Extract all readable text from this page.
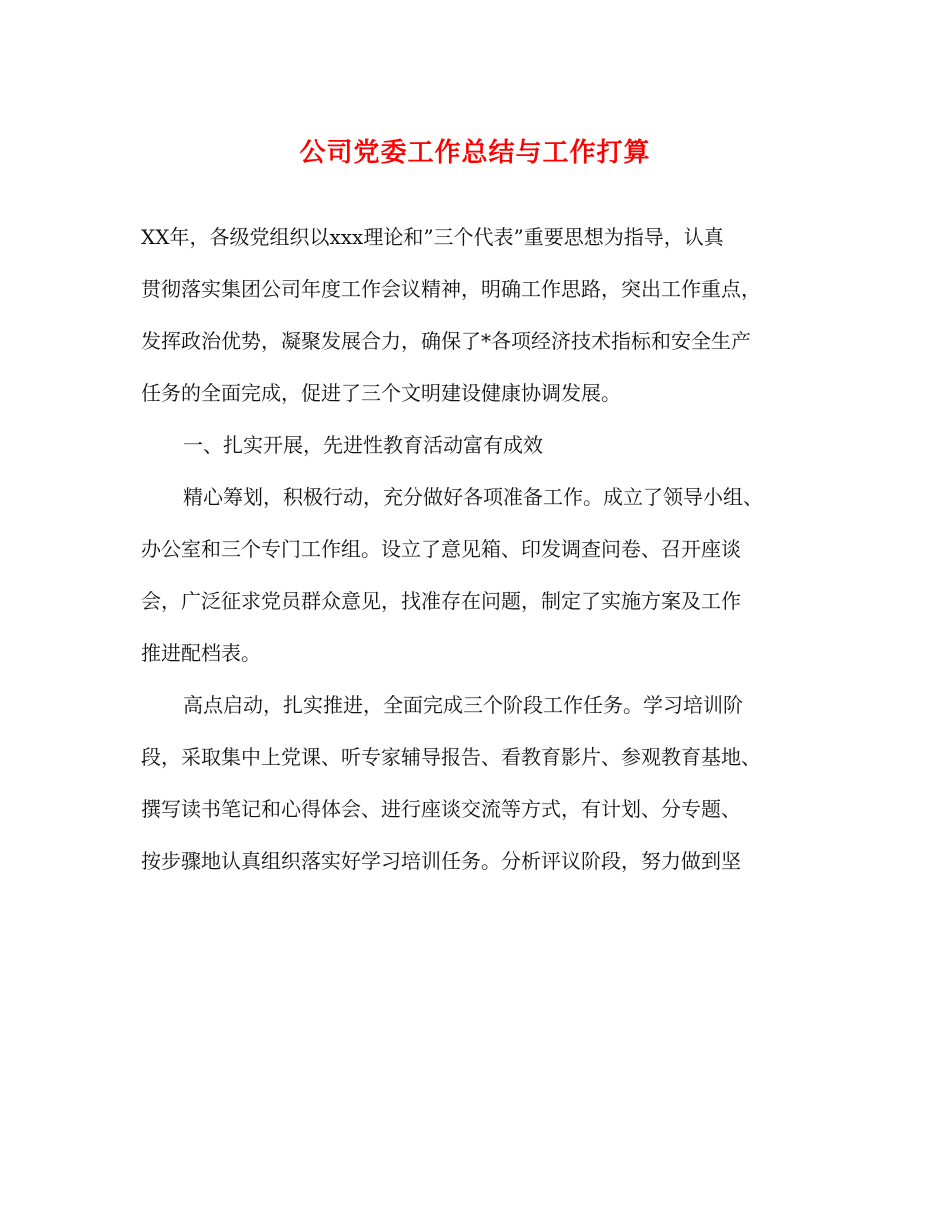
公司党委工作总结与工作打算
XX年，各级党组织以xxx理论和”三个代表”重要思想为指导，认真
贯彻落实集团公司年度工作会议精神，明确工作思路，突出工作重点，
发挥政治优势，凝聚发展合力，确保了*各项经济技术指标和安全生产
任务的全面完成，促进了三个文明建设健康协调发展。
一、扎实开展，先进性教育活动富有成效
精心筹划，积极行动，充分做好各项准备工作。成立了领导小组、
办公室和三个专门工作组。设立了意见箱、印发调查问卷、召开座谈
会，广泛征求党员群众意见，找准存在问题，制定了实施方案及工作
推进配档表。
高点启动，扎实推进，全面完成三个阶段工作任务。学习培训阶
段，采取集中上党课、听专家辅导报告、看教育影片、参观教育基地、
撰写读书笔记和心得体会、进行座谈交流等方式，有计划、分专题、
按步骤地认真组织落实好学习培训任务。分析评议阶段，努力做到坚
